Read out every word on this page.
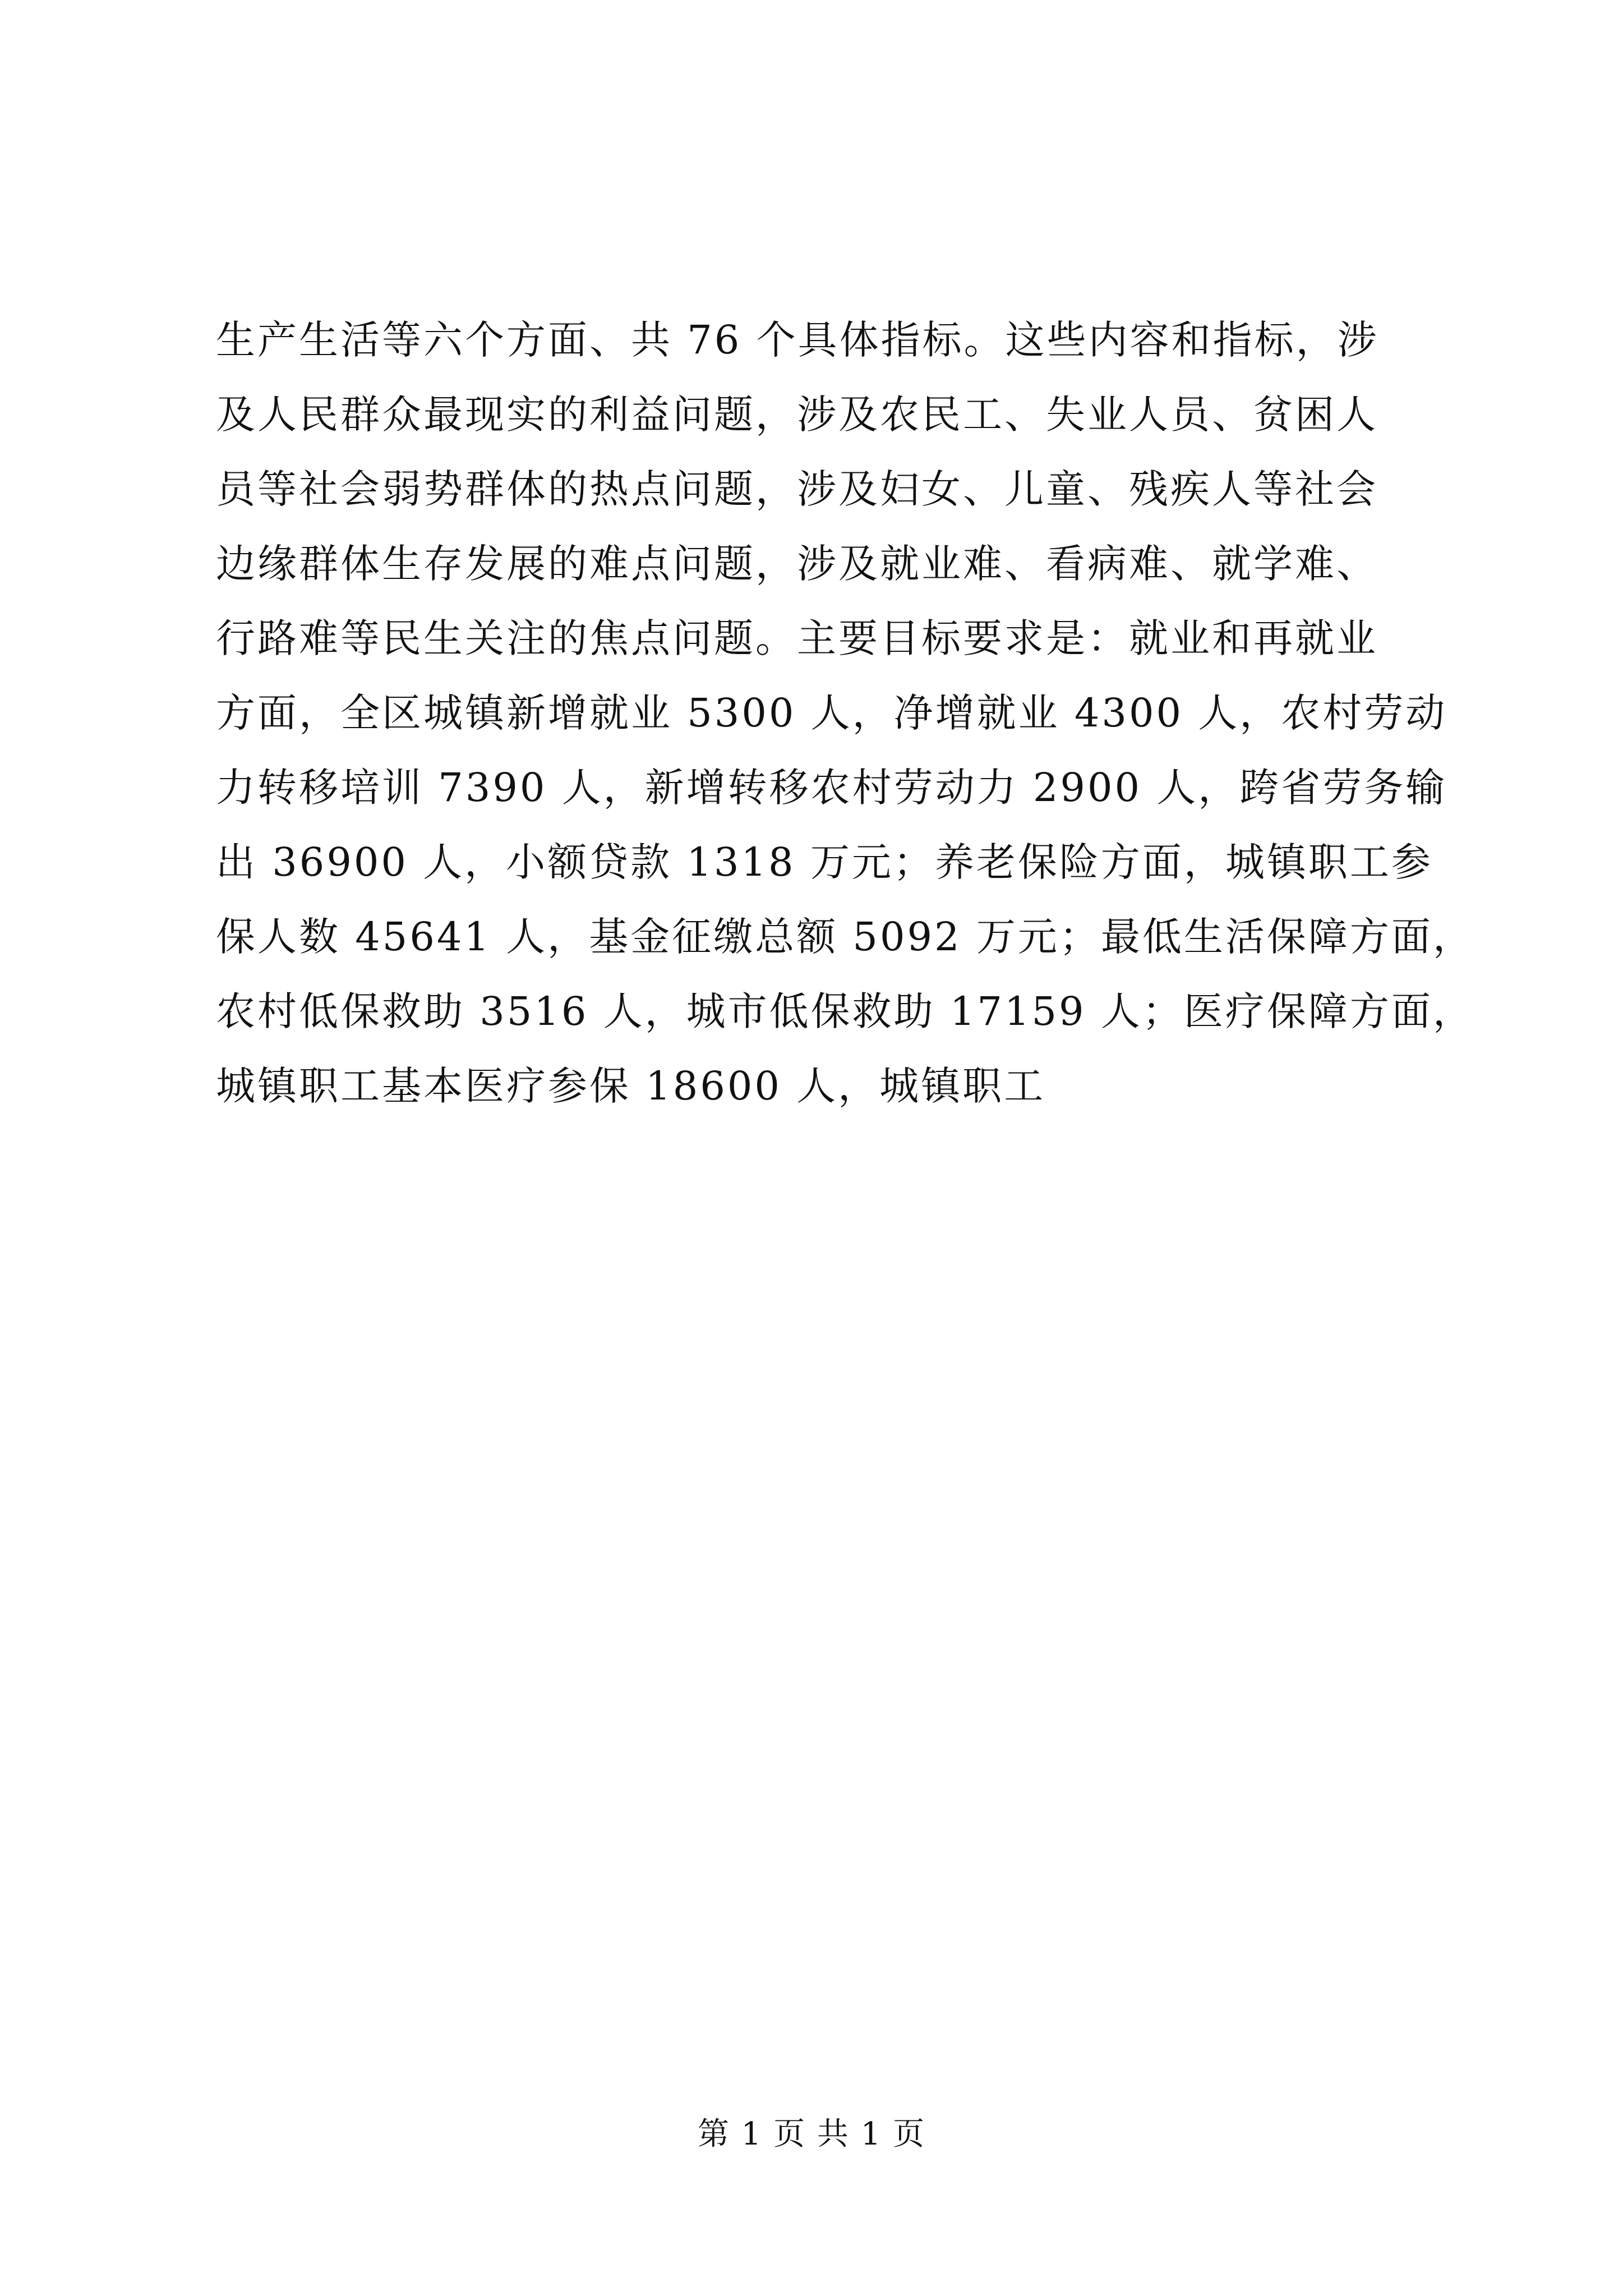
生产生活等六个方面、共 76 个具体指标。这些内容和指标，涉
及人民群众最现实的利益问题，涉及农民工、失业人员、贫困人
员等社会弱势群体的热点问题，涉及妇女、儿童、残疾人等社会
边缘群体生存发展的难点问题，涉及就业难、看病难、就学难、
行路难等民生关注的焦点问题。主要目标要求是：就业和再就业
方面，全区城镇新增就业 5300 人，净增就业 4300 人，农村劳动
力转移培训 7390 人，新增转移农村劳动力 2900 人，跨省劳务输
出 36900 人，小额贷款 1318 万元；养老保险方面，城镇职工参
保人数 45641 人，基金征缴总额 5092 万元；最低生活保障方面，
农村低保救助 3516 人，城市低保救助 17159 人；医疗保障方面，
城镇职工基本医疗参保 18600 人，城镇职工
第 1 页 共 1 页
